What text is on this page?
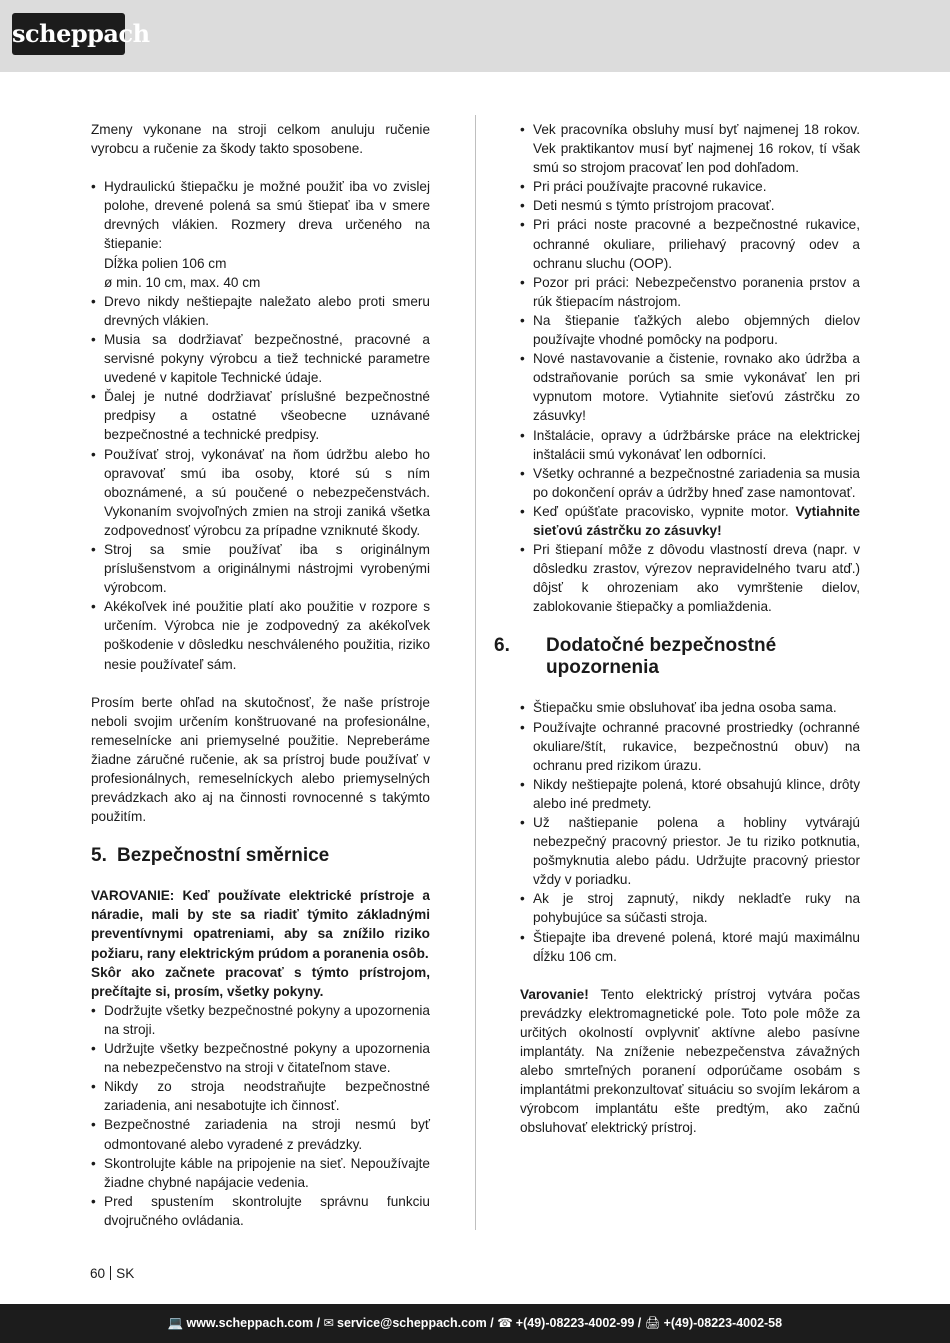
scheppach

Zmeny vykonane na stroji celkom anuluju ručenie vyrobcu a ručenie za škody takto sposobene.

• Hydraulickú štiepačku je možné použiť iba vo zvislej polohe, drevené polená sa smú štiepať iba v smere drevných vlákien. Rozmery dreva určeného na štiepanie:
Dĺžka polien 106 cm
ø min. 10 cm, max. 40 cm
• Drevo nikdy neštiepajte naležato alebo proti smeru drevných vlákien.
• Musia sa dodržiavať bezpečnostné, pracovné a servisné pokyny výrobcu a tiež technické parametre uvedené v kapitole Technické údaje.
• Ďalej je nutné dodržiavať príslušné bezpečnostné predpisy a ostatné všeobecne uznávané bezpečnostné a technické predpisy.
• Používať stroj, vykonávať na ňom údržbu alebo ho opravovať smú iba osoby, ktoré sú s ním oboznámené, a sú poučené o nebezpečenstvách. Vykonaním svojvoľných zmien na stroji zaniká všetka zodpovednosť výrobcu za prípadne vzniknuté škody.
• Stroj sa smie používať iba s originálnym príslušenstvom a originálnymi nástrojmi vyrobenými výrobcom.
• Akékoľvek iné použitie platí ako použitie v rozpore s určením. Výrobca nie je zodpovedný za akékoľvek poškodenie v dôsledku neschváleného použitia, riziko nesie používateľ sám.

Prosím berte ohľad na skutočnosť, že naše prístroje neboli svojim určením konštruované na profesionálne, remeselnícke ani priemyselné použitie. Nepreberáme žiadne záručné ručenie, ak sa prístroj bude používať v profesionálnych, remeselníckych alebo priemyselných prevádzkach ako aj na činnosti rovnocenné s takýmto použitím.

5. Bezpečnostní směrnice

VAROVANIE: Keď používate elektrické prístroje a náradie, mali by ste sa riadiť týmito základnými preventívnymi opatreniami, aby sa znížilo riziko požiaru, rany elektrickým prúdom a poranenia osôb.
Skôr ako začnete pracovať s týmto prístrojom, prečítajte si, prosím, všetky pokyny.

• Dodržujte všetky bezpečnostné pokyny a upozornenia na stroji.
• Udržujte všetky bezpečnostné pokyny a upozornenia na nebezpečenstvo na stroji v čitateľnom stave.
• Nikdy zo stroja neodstraňujte bezpečnostné zariadenia, ani nesabotujte ich činnosť.
• Bezpečnostné zariadenia na stroji nesmú byť odmontované alebo vyradené z prevádzky.
• Skontrolujte káble na pripojenie na sieť. Nepoužívajte žiadne chybné napájacie vedenia.
• Pred spustením skontrolujte správnu funkciu dvojručného ovládania.
• Vek pracovníka obsluhy musí byť najmenej 18 rokov. Vek praktikantov musí byť najmenej 16 rokov, tí však smú so strojom pracovať len pod dohľadom.
• Pri práci používajte pracovné rukavice.
• Deti nesmú s týmto prístrojom pracovať.
• Pri práci noste pracovné a bezpečnostné rukavice, ochranné okuliare, priliehavý pracovný odev a ochranu sluchu (OOP).
• Pozor pri práci: Nebezpečenstvo poranenia prstov a rúk štiepacím nástrojom.
• Na štiepanie ťažkých alebo objemných dielov používajte vhodné pomôcky na podporu.
• Nové nastavovanie a čistenie, rovnako ako údržba a odstraňovanie porúch sa smie vykonávať len pri vypnutom motore. Vytiahnite sieťovú zástrčku zo zásuvky!
• Inštalácie, opravy a údržbárske práce na elektrickej inštalácii smú vykonávať len odborníci.
• Všetky ochranné a bezpečnostné zariadenia sa musia po dokončení opráv a údržby hneď zase namontovať.
• Keď opúšťate pracovisko, vypnite motor. Vytiahnite sieťovú zástrčku zo zásuvky!
• Pri štiepaní môže z dôvodu vlastností dreva (napr. v dôsledku zrastov, výrezov nepravidelného tvaru atď.) dôjsť k ohrozeniam ako vymrštenie dielov, zablokovanie štiepačky a pomliaždenia.
6. Dodatočné bezpečnostné upozornenia
• Štiepačku smie obsluhovať iba jedna osoba sama.
• Používajte ochranné pracovné prostriedky (ochranné okuliare/štít, rukavice, bezpečnostnú obuv) na ochranu pred rizikom úrazu.
• Nikdy neštiepajte polená, ktoré obsahujú klince, drôty alebo iné predmety.
• Už naštiepanie polena a hobliny vytvárajú nebezpečný pracovný priestor. Je tu riziko potknutia, pošmyknutia alebo pádu. Udržujte pracovný priestor vždy v poriadku.
• Ak je stroj zapnutý, nikdy nekladťe ruky na pohybujúce sa súčasti stroja.
• Štiepajte iba drevené polená, ktoré majú maximálnu dĺžku 106 cm.

Varovanie! Tento elektrický prístroj vytvára počas prevádzky elektromagnetické pole. Toto pole môže za určitých okolností ovplyvniť aktívne alebo pasívne implantáty. Na zníženie nebezpečenstva závažných alebo smrteľných poranení odporúčame osobám s implantátmi prekonzultovať situáciu so svojím lekárom a výrobcom implantátu ešte predtým, ako začnú obsluhovať elektrický prístroj.

60 SK
💻 www.scheppach.com / ✉ service@scheppach.com / ☎ +(49)-08223-4002-99 / 🖨 +(49)-08223-4002-58
